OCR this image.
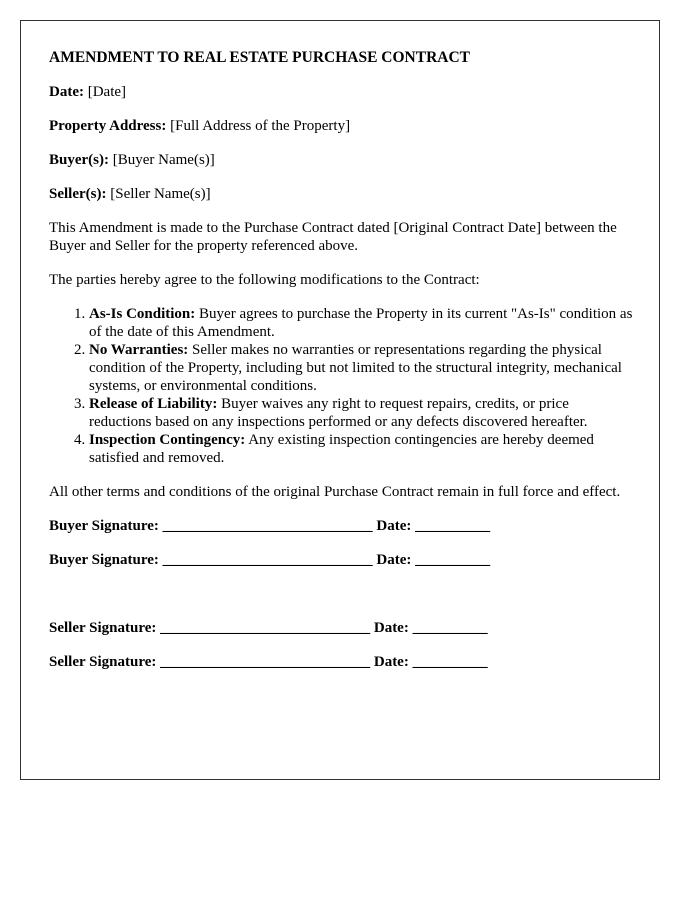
AMENDMENT TO REAL ESTATE PURCHASE CONTRACT
Date: [Date]
Property Address: [Full Address of the Property]
Buyer(s): [Buyer Name(s)]
Seller(s): [Seller Name(s)]
This Amendment is made to the Purchase Contract dated [Original Contract Date] between the Buyer and Seller for the property referenced above.
The parties hereby agree to the following modifications to the Contract:
1. As-Is Condition: Buyer agrees to purchase the Property in its current "As-Is" condition as of the date of this Amendment.
2. No Warranties: Seller makes no warranties or representations regarding the physical condition of the Property, including but not limited to the structural integrity, mechanical systems, or environmental conditions.
3. Release of Liability: Buyer waives any right to request repairs, credits, or price reductions based on any inspections performed or any defects discovered hereafter.
4. Inspection Contingency: Any existing inspection contingencies are hereby deemed satisfied and removed.
All other terms and conditions of the original Purchase Contract remain in full force and effect.
Buyer Signature: ____________________________ Date: __________
Buyer Signature: ____________________________ Date: __________
Seller Signature: ____________________________ Date: __________
Seller Signature: ____________________________ Date: __________
